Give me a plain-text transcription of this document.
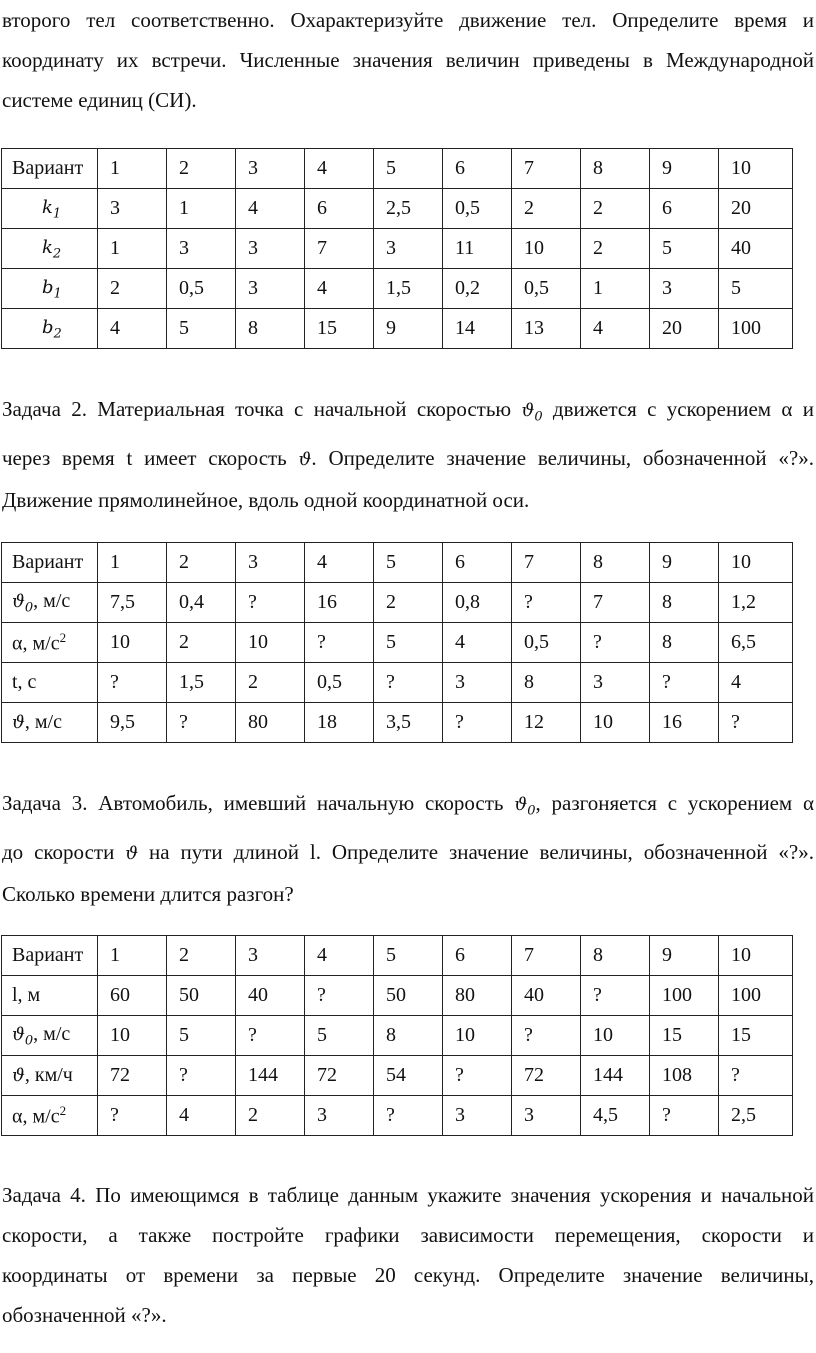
второго тел соответственно. Охарактеризуйте движение тел. Определите время и
координату их встречи. Численные значения величин приведены в Международной
системе единиц (СИ).
Вариант	1	2	3	4	5	6	7	8	9	10
$k_1$	3	1	4	6	2,5	0,5	2	2	6	20
$k_2$	1	3	3	7	3	11	10	2	5	40
$b_1$	2	0,5	3	4	1,5	0,2	0,5	1	3	5
$b_2$	4	5	8	15	9	14	13	4	20	100
Задача 2. Материальная точка с начальной скоростью $ϑ_0$ движется с ускорением α и
через время t имеет скорость ϑ. Определите значение величины, обозначенной «?».
Движение прямолинейное, вдоль одной координатной оси.
Вариант	1	2	3	4	5	6	7	8	9	10
$ϑ_0$, м/с	7,5	0,4	?	16	2	0,8	?	7	8	1,2
α, $м/с^2$	10	2	10	?	5	4	0,5	?	8	6,5
t, с	?	1,5	2	0,5	?	3	8	3	?	4
ϑ, м/с	9,5	?	80	18	3,5	?	12	10	16	?
Задача 3. Автомобиль, имевший начальную скорость $ϑ_0$, разгоняется с ускорением α
до скорости ϑ на пути длиной l. Определите значение величины, обозначенной «?».
Сколько времени длится разгон?
Вариант	1	2	3	4	5	6	7	8	9	10
l, м	60	50	40	?	50	80	40	?	100	100
$ϑ_0$, м/с	10	5	?	5	8	10	?	10	15	15
ϑ, км/ч	72	?	144	72	54	?	72	144	108	?
α, $м/с^2$	?	4	2	3	?	3	3	4,5	?	2,5
Задача 4. По имеющимся в таблице данным укажите значения ускорения и начальной
скорости, а также постройте графики зависимости перемещения, скорости и
координаты от времени за первые 20 секунд. Определите значение величины,
обозначенной «?».
